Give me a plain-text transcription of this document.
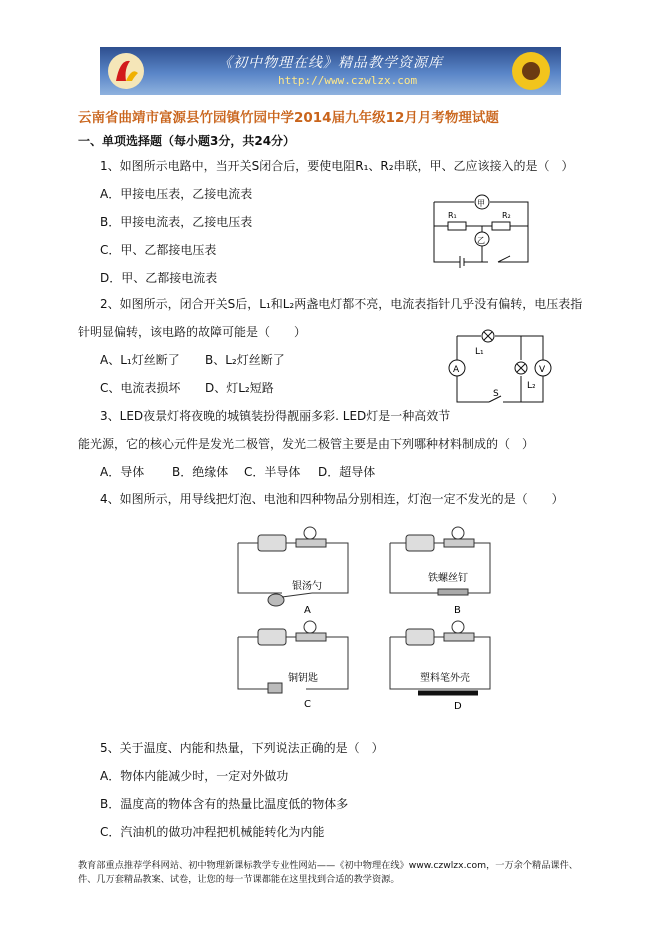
《初中物理在线》精品教学资源库
http://www.czwlzx.com
云南省曲靖市富源县竹园镇竹园中学2014届九年级12月月考物理试题
一、单项选择题（每小题3分，共24分）
1、如图所示电路中，当开关S闭合后，要使电阻R₁、R₂串联，甲、乙应该接入的是（　）
A．甲接电压表，乙接电流表
B．甲接电流表，乙接电压表
C．甲、乙都接电压表
D．甲、乙都接电流表
甲
乙
R₁	R₂
2、如图所示，闭合开关S后，L₁和L₂两盏电灯都不亮，电流表指针几乎没有偏转，电压表指
针明显偏转，该电路的故障可能是（　　）
A、L₁灯丝断了 B、L₂灯丝断了
C、电流表损坏 D、灯L₂短路
A	V
L₁
L₂
S
3、LED夜景灯将夜晚的城镇装扮得靓丽多彩. LED灯是一种高效节
能光源，它的核心元件是发光二极管，发光二极管主要是由下列哪种材料制成的（　）
A．导体 B．绝缘体 C．半导体 D．超导体
4、如图所示，用导线把灯泡、电池和四种物品分别相连，灯泡一定不发光的是（　　）
银汤勺
A
铁螺丝钉
B
铜钥匙
C
塑料笔外壳
D
5、关于温度、内能和热量，下列说法正确的是（　）
A．物体内能减少时，一定对外做功
B．温度高的物体含有的热量比温度低的物体多
C．汽油机的做功冲程把机械能转化为内能
教育部重点推荐学科网站、初中物理新课标教学专业性网站——《初中物理在线》www.czwlzx.com，一万余个精品课件、
件、几万套精品教案、试卷，让您的每一节课都能在这里找到合适的教学资源。
